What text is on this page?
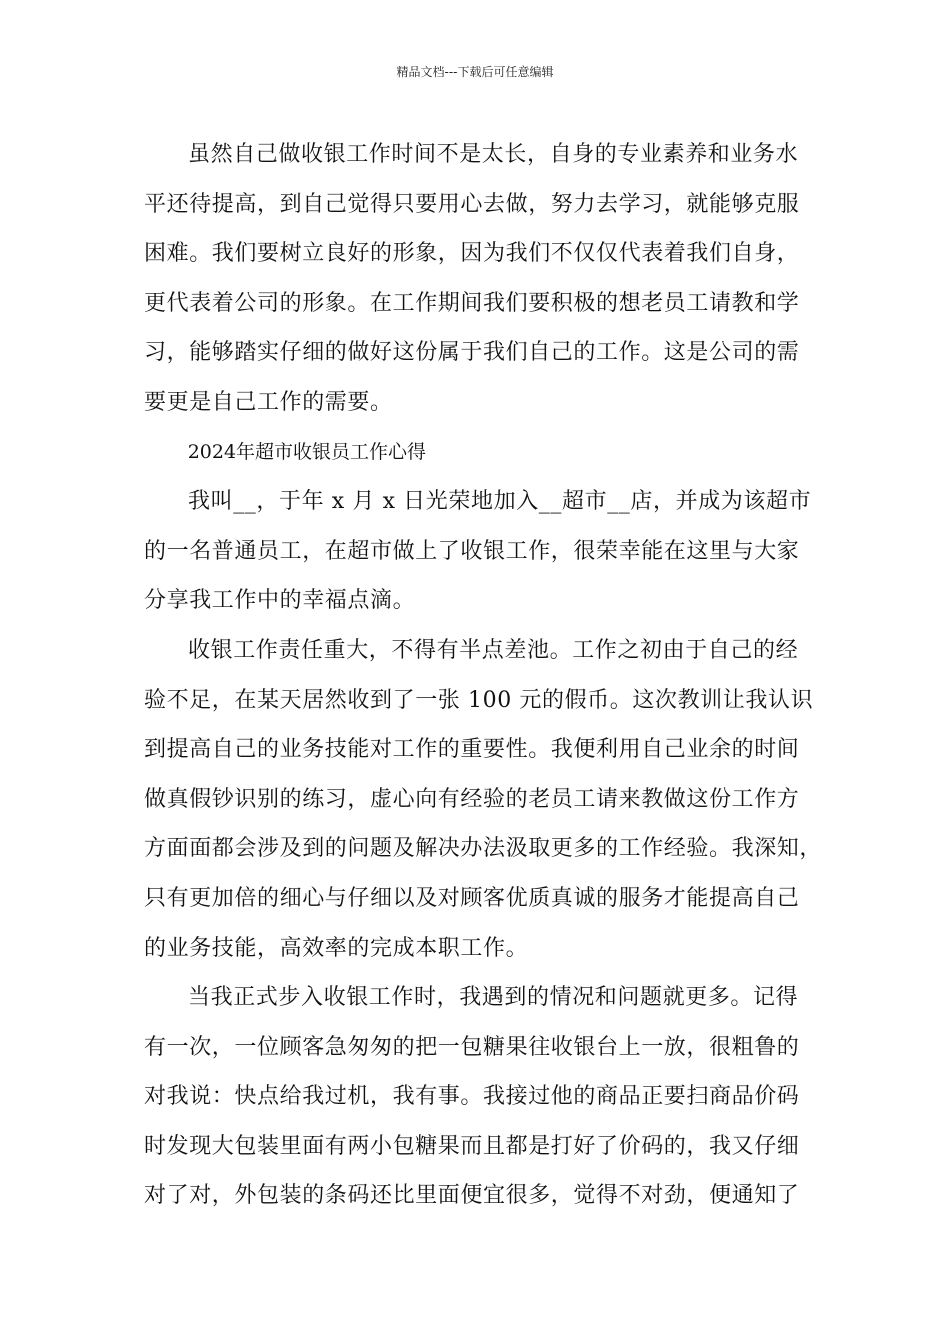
精品文档---下载后可任意编辑

虽然自己做收银工作时间不是太长，自身的专业素养和业务水
平还待提高，到自己觉得只要用心去做，努力去学习，就能够克服
困难。我们要树立良好的形象，因为我们不仅仅代表着我们自身，
更代表着公司的形象。在工作期间我们要积极的想老员工请教和学
习，能够踏实仔细的做好这份属于我们自己的工作。这是公司的需
要更是自己工作的需要。

2024年超市收银员工作心得

我叫__，于年 x 月 x 日光荣地加入__超市__店，并成为该超市
的一名普通员工，在超市做上了收银工作，很荣幸能在这里与大家
分享我工作中的幸福点滴。

收银工作责任重大，不得有半点差池。工作之初由于自己的经
验不足，在某天居然收到了一张 100 元的假币。这次教训让我认识
到提高自己的业务技能对工作的重要性。我便利用自己业余的时间
做真假钞识别的练习，虚心向有经验的老员工请来教做这份工作方
方面面都会涉及到的问题及解决办法汲取更多的工作经验。我深知，
只有更加倍的细心与仔细以及对顾客优质真诚的服务才能提高自己
的业务技能，高效率的完成本职工作。

当我正式步入收银工作时，我遇到的情况和问题就更多。记得
有一次，一位顾客急匆匆的把一包糖果往收银台上一放，很粗鲁的
对我说：快点给我过机，我有事。我接过他的商品正要扫商品价码
时发现大包装里面有两小包糖果而且都是打好了价码的，我又仔细
对了对，外包装的条码还比里面便宜很多，觉得不对劲，便通知了
